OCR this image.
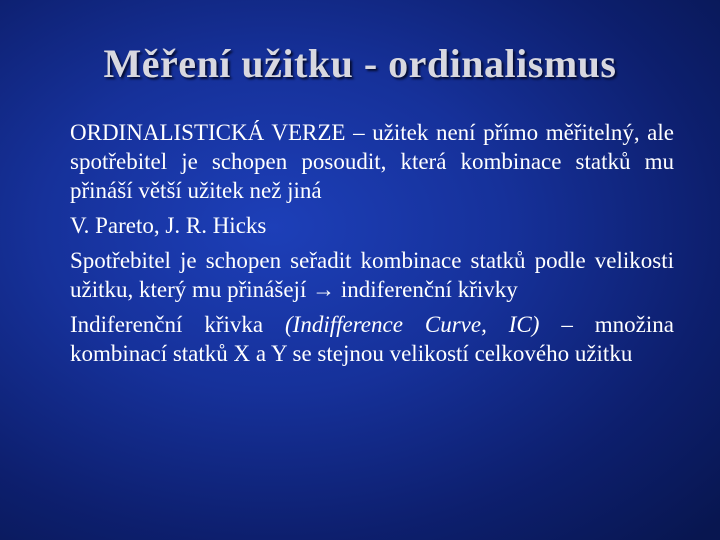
Měření užitku - ordinalismus

ORDINALISTICKÁ VERZE – užitek není přímo měřitelný, ale spotřebitel je schopen posoudit, která kombinace statků mu přináší větší užitek než jiná

V. Pareto, J. R. Hicks

Spotřebitel je schopen seřadit kombinace statků podle velikosti užitku, který mu přinášejí → indiferenční křivky

Indiferenční křivka (Indifference Curve, IC) – množina kombinací statků X a Y se stejnou velikostí celkového užitku
